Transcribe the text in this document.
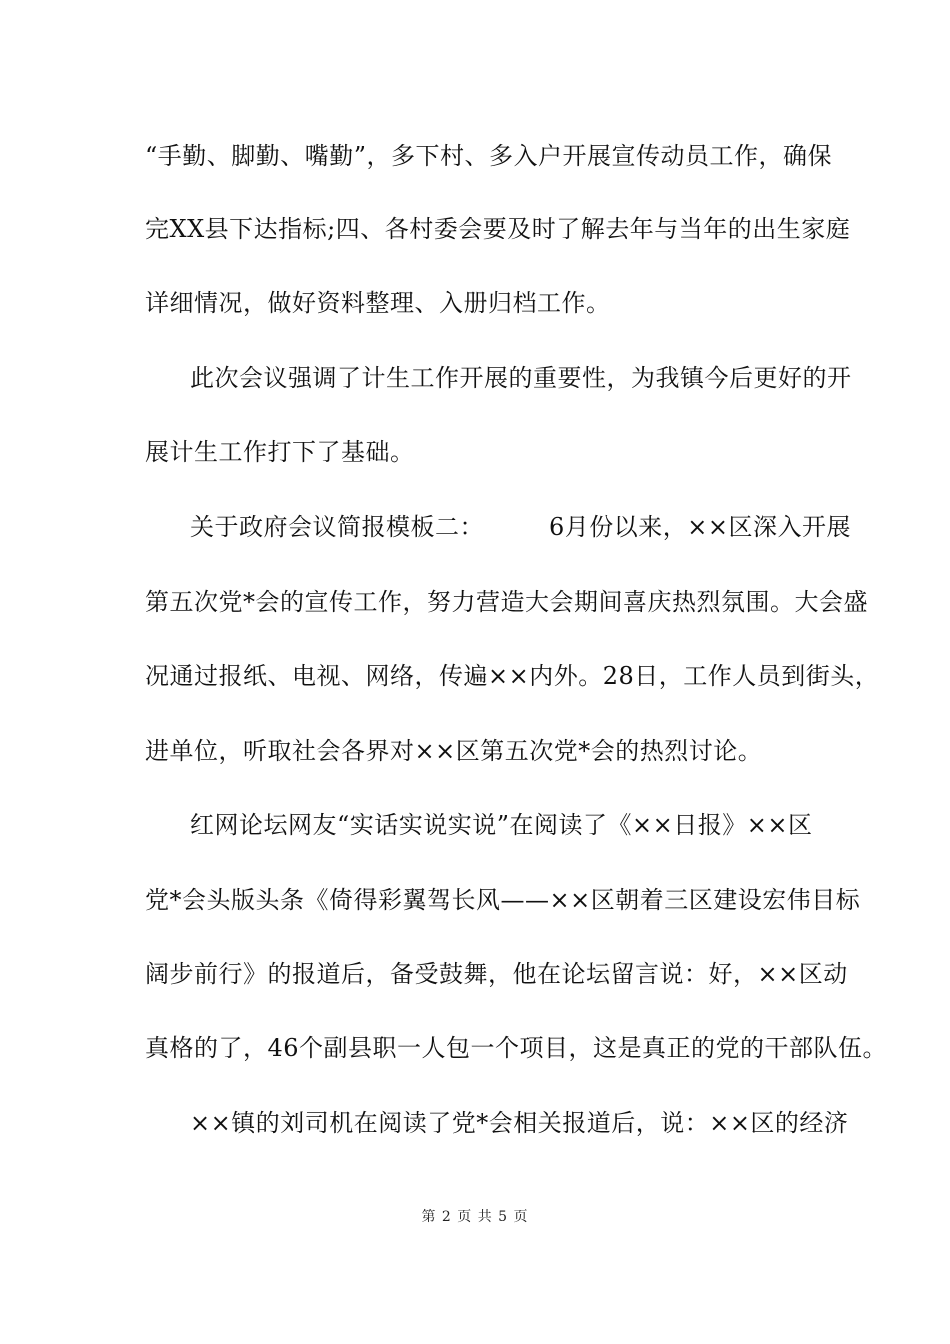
“手勤、脚勤、嘴勤”，多下村、多入户开展宣传动员工作，确保
完XX县下达指标;四、各村委会要及时了解去年与当年的出生家庭
详细情况，做好资料整理、入册归档工作。
此次会议强调了计生工作开展的重要性，为我镇今后更好的开
展计生工作打下了基础。
关于政府会议简报模板二：        6月份以来，××区深入开展
第五次党*会的宣传工作，努力营造大会期间喜庆热烈氛围。大会盛
况通过报纸、电视、网络，传遍××内外。28日，工作人员到街头，
进单位，听取社会各界对××区第五次党*会的热烈讨论。
红网论坛网友“实话实说实说”在阅读了《××日报》××区
党*会头版头条《倚得彩翼驾长风——××区朝着三区建设宏伟目标
阔步前行》的报道后，备受鼓舞，他在论坛留言说：好，××区动
真格的了，46个副县职一人包一个项目，这是真正的党的干部队伍。
××镇的刘司机在阅读了党*会相关报道后，说：××区的经济
第 2 页 共 5 页
